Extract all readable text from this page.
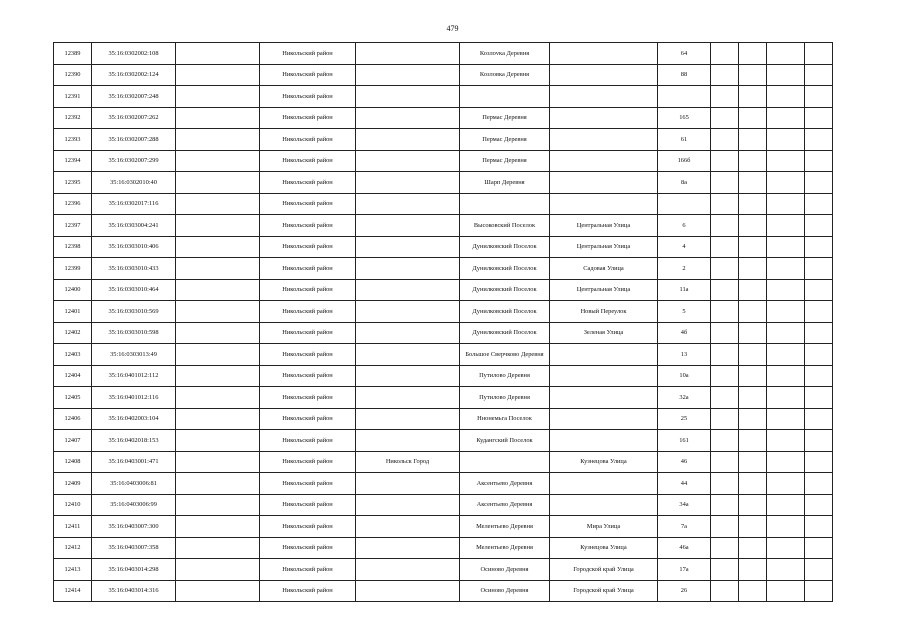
479
12389	35:16:0302002:108		Никольский район		Козлovка Деревня		64				
12390	35:16:0302002:124		Никольский район		Козловка Деревня		88				
12391	35:16:0302007:248		Никольский район								
12392	35:16:0302007:262		Никольский район		Пермас Деревня		165				
12393	35:16:0302007:288		Никольский район		Пермас Деревня		61				
12394	35:16:0302007:299		Никольский район		Пермас Деревня		166б				
12395	35:16:0302010:40		Никольский район		Шарп Деревня		8а				
12396	35:16:0302017:116		Никольский район								
12397	35:16:0303004:241		Никольский район		Высоковский Поселок	Центральная Улица	6				
12398	35:16:0303010:406		Никольский район		Дунилковский Поселок	Центральная Улица	4				
12399	35:16:0303010:433		Никольский район		Дунилковский Поселок	Садовая Улица	2				
12400	35:16:0303010:464		Никольский район		Дунилковский Поселок	Центральная Улица	11а				
12401	35:16:0303010:569		Никольский район		Дунилковский Поселок	Новый Переулок	5				
12402	35:16:0303010:598		Никольский район		Дунилковский Поселок	Зеленая Улица	4б				
12403	35:16:0303013:49		Никольский район		Большое Сверчково Деревня		13				
12404	35:16:0401012:112		Никольский район		Путилово Деревня		10а				
12405	35:16:0401012:116		Никольский район		Путилово Деревня		32а				
12406	35:16:0402003:104		Никольский район		Ннонемьга Поселок		25				
12407	35:16:0402018:153		Никольский район		Кудангский Поселок		161				
12408	35:16:0403001:471		Никольский район	Никольск Город		Кузнецова Улица	46				
12409	35:16:0403006:81		Никольский район		Аксентьево Деревня		44				
12410	35:16:0403006:99		Никольский район		Аксентьево Деревня		34а				
12411	35:16:0403007:300		Никольский район		Мелентьево Деревня	Мира Улица	7а				
12412	35:16:0403007:358		Никольский район		Мелентьево Деревня	Кузнецова Улица	46а				
12413	35:16:0403014:298		Никольский район		Осиново Деревня	Городской край Улица	17а				
12414	35:16:0403014:316		Никольский район		Осиново Деревня	Городской край Улица	26				
